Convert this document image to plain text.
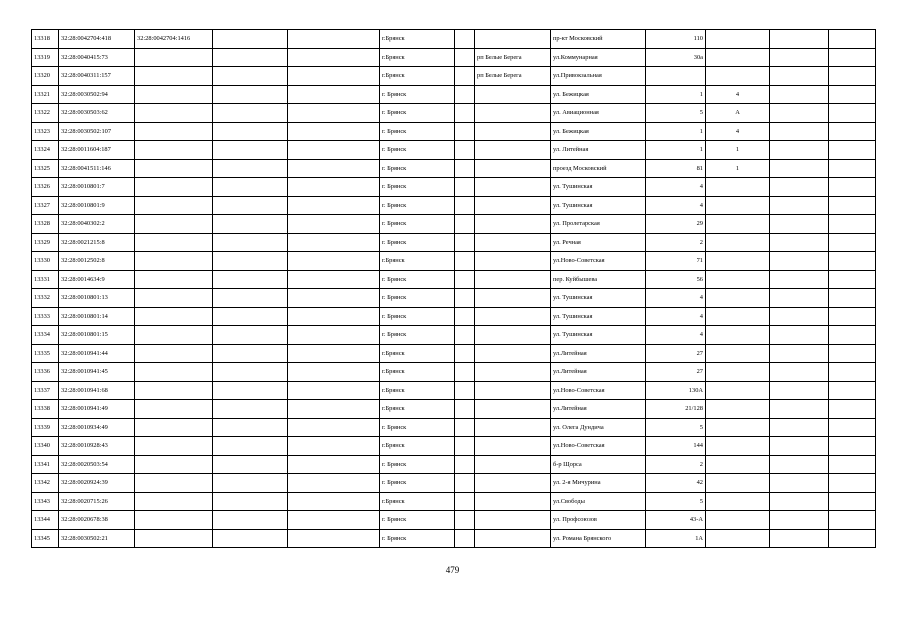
13318	32:28:0042704:418	32:28:0042704:1416			г.Брянск			пр-кт Московский	110			
13319	32:28:0040415:73				г.Брянск		рп Белые Берега	ул.Коммунарная	30а			
13320	32:28:0040311:157				г.Брянск		рп Белые Берега	ул.Привокзальная				
13321	32:28:0030502:94				г. Брянск			ул. Бежицкая	1	4		
13322	32:28:0030503:62				г. Брянск			ул. Авиационная	5	А		
13323	32:28:0030502:107				г. Брянск			ул. Бежицкая	1	4		
13324	32:28:0011604:187				г. Брянск			ул. Литейная	1	1		
13325	32:28:0041511:146				г. Брянск			проезд Московский	81	1		
13326	32:28:0010801:7				г. Брянск			ул. Тушинская	4			
13327	32:28:0010801:9				г. Брянск			ул. Тушинская	4			
13328	32:28:0040302:2				г. Брянск			ул. Пролетарская	29			
13329	32:28:0021215:8				г. Брянск			ул. Речная	2			
13330	32:28:0012502:8				г.Брянск			ул.Ново-Советская	71			
13331	32:28:0014634:9				г. Брянск			пер. Куйбышева	56			
13332	32:28:0010801:13				г. Брянск			ул. Тушинская	4			
13333	32:28:0010801:14				г. Брянск			ул. Тушинская	4			
13334	32:28:0010801:15				г. Брянск			ул. Тушинская	4			
13335	32:28:0010941:44				г.Брянск			ул.Литейная	27			
13336	32:28:0010941:45				г.Брянск			ул.Литейная	27			
13337	32:28:0010941:68				г.Брянск			ул.Ново-Советская	130А			
13338	32:28:0010941:49				г.Брянск			ул.Литейная	21/128			
13339	32:28:0010934:49				г. Брянск			ул. Олега Дундича	5			
13340	32:28:0010928:43				г.Брянск			ул.Ново-Советская	144			
13341	32:28:0020503:54				г. Брянск			б-р Щорса	2			
13342	32:28:0020924:39				г. Брянск			ул. 2-я Мичурина	42			
13343	32:28:0020715:26				г.Брянск			ул.Свободы	5			
13344	32:28:0020678:38				г. Брянск			ул. Профсоюзов	43-А			
13345	32:28:0030502:21				г. Брянск			ул. Романа Брянского	1А			
479
